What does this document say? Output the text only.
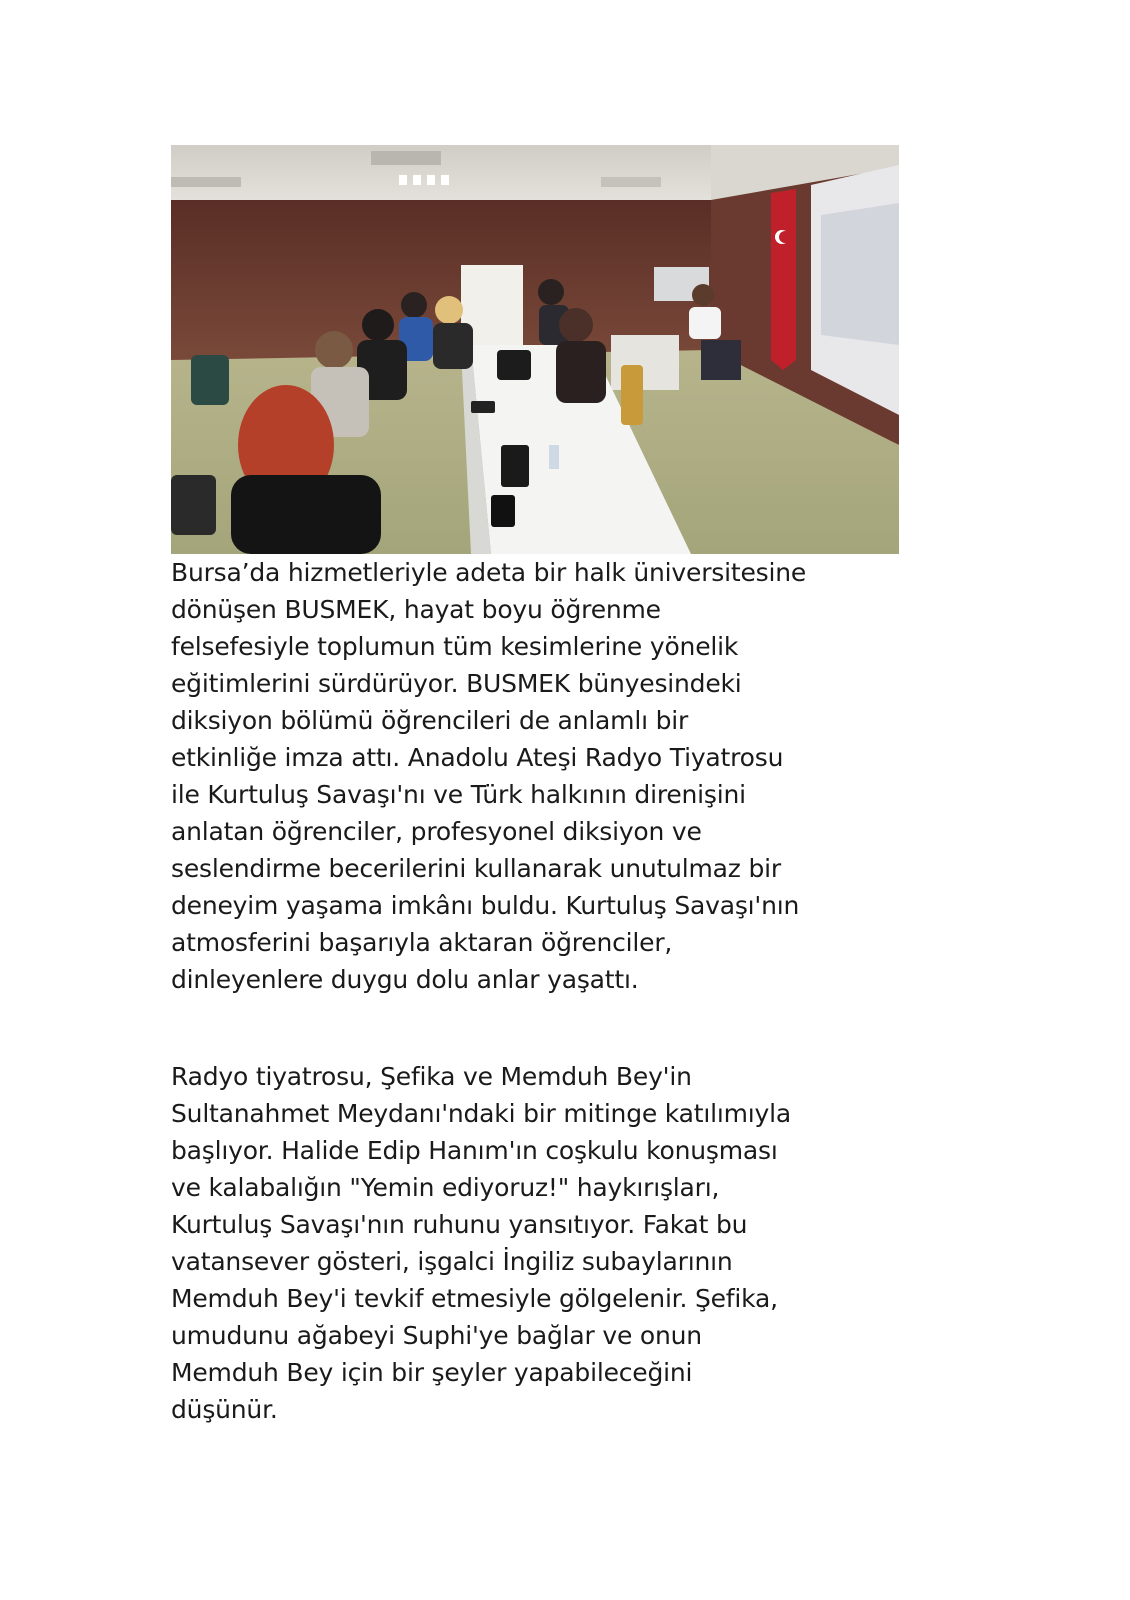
Bursa’da hizmetleriyle adeta bir halk üniversitesine
dönüşen BUSMEK, hayat boyu öğrenme
felsefesiyle toplumun tüm kesimlerine yönelik
eğitimlerini sürdürüyor. BUSMEK bünyesindeki
diksiyon bölümü öğrencileri de anlamlı bir
etkinliğe imza attı. Anadolu Ateşi Radyo Tiyatrosu
ile Kurtuluş Savaşı'nı ve Türk halkının direnişini
anlatan öğrenciler, profesyonel diksiyon ve
seslendirme becerilerini kullanarak unutulmaz bir
deneyim yaşama imkânı buldu. Kurtuluş Savaşı'nın
atmosferini başarıyla aktaran öğrenciler,
dinleyenlere duygu dolu anlar yaşattı.
Radyo tiyatrosu, Şefika ve Memduh Bey'in
Sultanahmet Meydanı'ndaki bir mitinge katılımıyla
başlıyor. Halide Edip Hanım'ın coşkulu konuşması
ve kalabalığın "Yemin ediyoruz!" haykırışları,
Kurtuluş Savaşı'nın ruhunu yansıtıyor. Fakat bu
vatansever gösteri, işgalci İngiliz subaylarının
Memduh Bey'i tevkif etmesiyle gölgelenir. Şefika,
umudunu ağabeyi Suphi'ye bağlar ve onun
Memduh Bey için bir şeyler yapabileceğini
düşünür.
